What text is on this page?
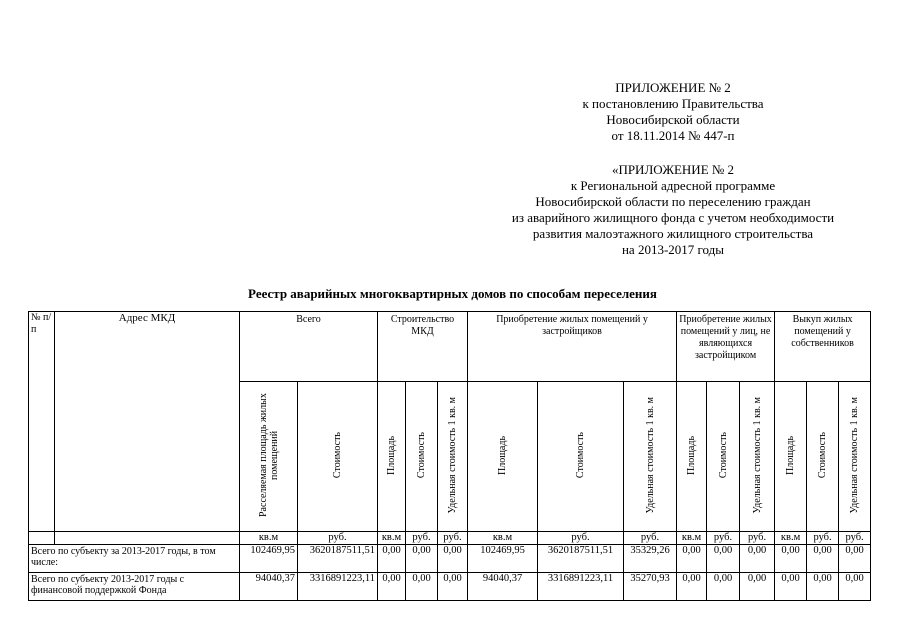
ПРИЛОЖЕНИЕ № 2
к постановлению Правительства
Новосибирской области
от 18.11.2014 № 447-п
«ПРИЛОЖЕНИЕ № 2
к Региональной адресной программе
Новосибирской области по переселению граждан
из аварийного жилищного фонда с учетом необходимости
развития малоэтажного жилищного строительства
на 2013-2017 годы
Реестр аварийных многоквартирных домов по способам переселения
№ п/п	Адрес МКД	Всего		Строительство МКД			Приобретение жилых помещений у застройщиков			Приобретение жилых помещений у лиц, не являющихся застройщиком			Выкуп жилых помещений у собственников		
		Расселяемая площадь жилых помещений	Стоимость	Площадь	Стоимость	Удельная стоимость 1 кв. м	Площадь	Стоимость	Удельная стоимость 1 кв. м	Площадь	Стоимость	Удельная стоимость 1 кв. м	Площадь	Стоимость	Удельная стоимость 1 кв. м
		кв.м	руб.	кв.м	руб.	руб.	кв.м	руб.	руб.	кв.м	руб.	руб.	кв.м	руб.	руб.
Всего по субъекту за 2013-2017 годы, в том числе:		102469,95	3620187511,51	0,00	0,00	0,00	102469,95	3620187511,51	35329,26	0,00	0,00	0,00	0,00	0,00	0,00
Всего по субъекту 2013-2017 годы с финансовой поддержкой Фонда		94040,37	3316891223,11	0,00	0,00	0,00	94040,37	3316891223,11	35270,93	0,00	0,00	0,00	0,00	0,00	0,00
